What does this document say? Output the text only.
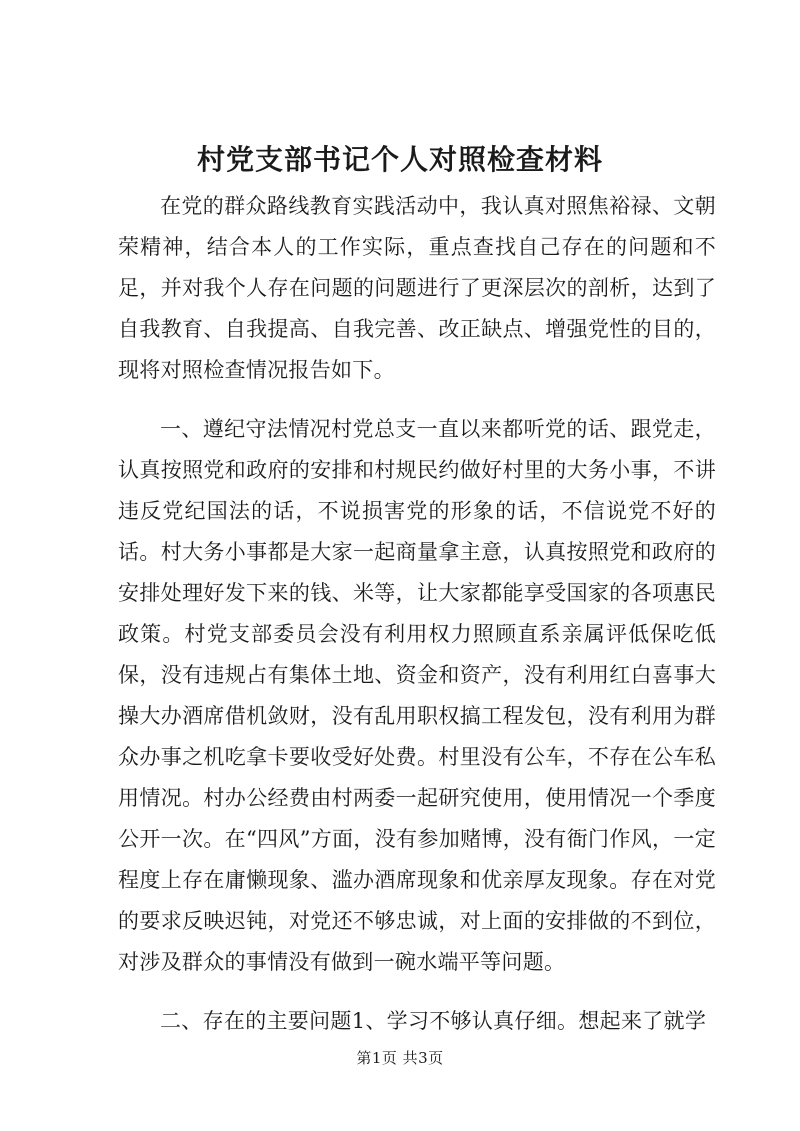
村党支部书记个人对照检查材料

在党的群众路线教育实践活动中，我认真对照焦裕禄、文朝荣精神，结合本人的工作实际，重点查找自己存在的问题和不足，并对我个人存在问题的问题进行了更深层次的剖析，达到了自我教育、自我提高、自我完善、改正缺点、增强党性的目的，现将对照检查情况报告如下。

一、遵纪守法情况村党总支一直以来都听党的话、跟党走，认真按照党和政府的安排和村规民约做好村里的大务小事，不讲违反党纪国法的话，不说损害党的形象的话，不信说党不好的话。村大务小事都是大家一起商量拿主意，认真按照党和政府的安排处理好发下来的钱、米等，让大家都能享受国家的各项惠民政策。村党支部委员会没有利用权力照顾直系亲属评低保吃低保，没有违规占有集体土地、资金和资产，没有利用红白喜事大操大办酒席借机敛财，没有乱用职权搞工程发包，没有利用为群众办事之机吃拿卡要收受好处费。村里没有公车，不存在公车私用情况。村办公经费由村两委一起研究使用，使用情况一个季度公开一次。在“四风”方面，没有参加赌博，没有衙门作风，一定程度上存在庸懒现象、滥办酒席现象和优亲厚友现象。存在对党的要求反映迟钝，对党还不够忠诚，对上面的安排做的不到位，对涉及群众的事情没有做到一碗水端平等问题。

二、存在的主要问题1、学习不够认真仔细。想起来了就学

第1页 共3页
